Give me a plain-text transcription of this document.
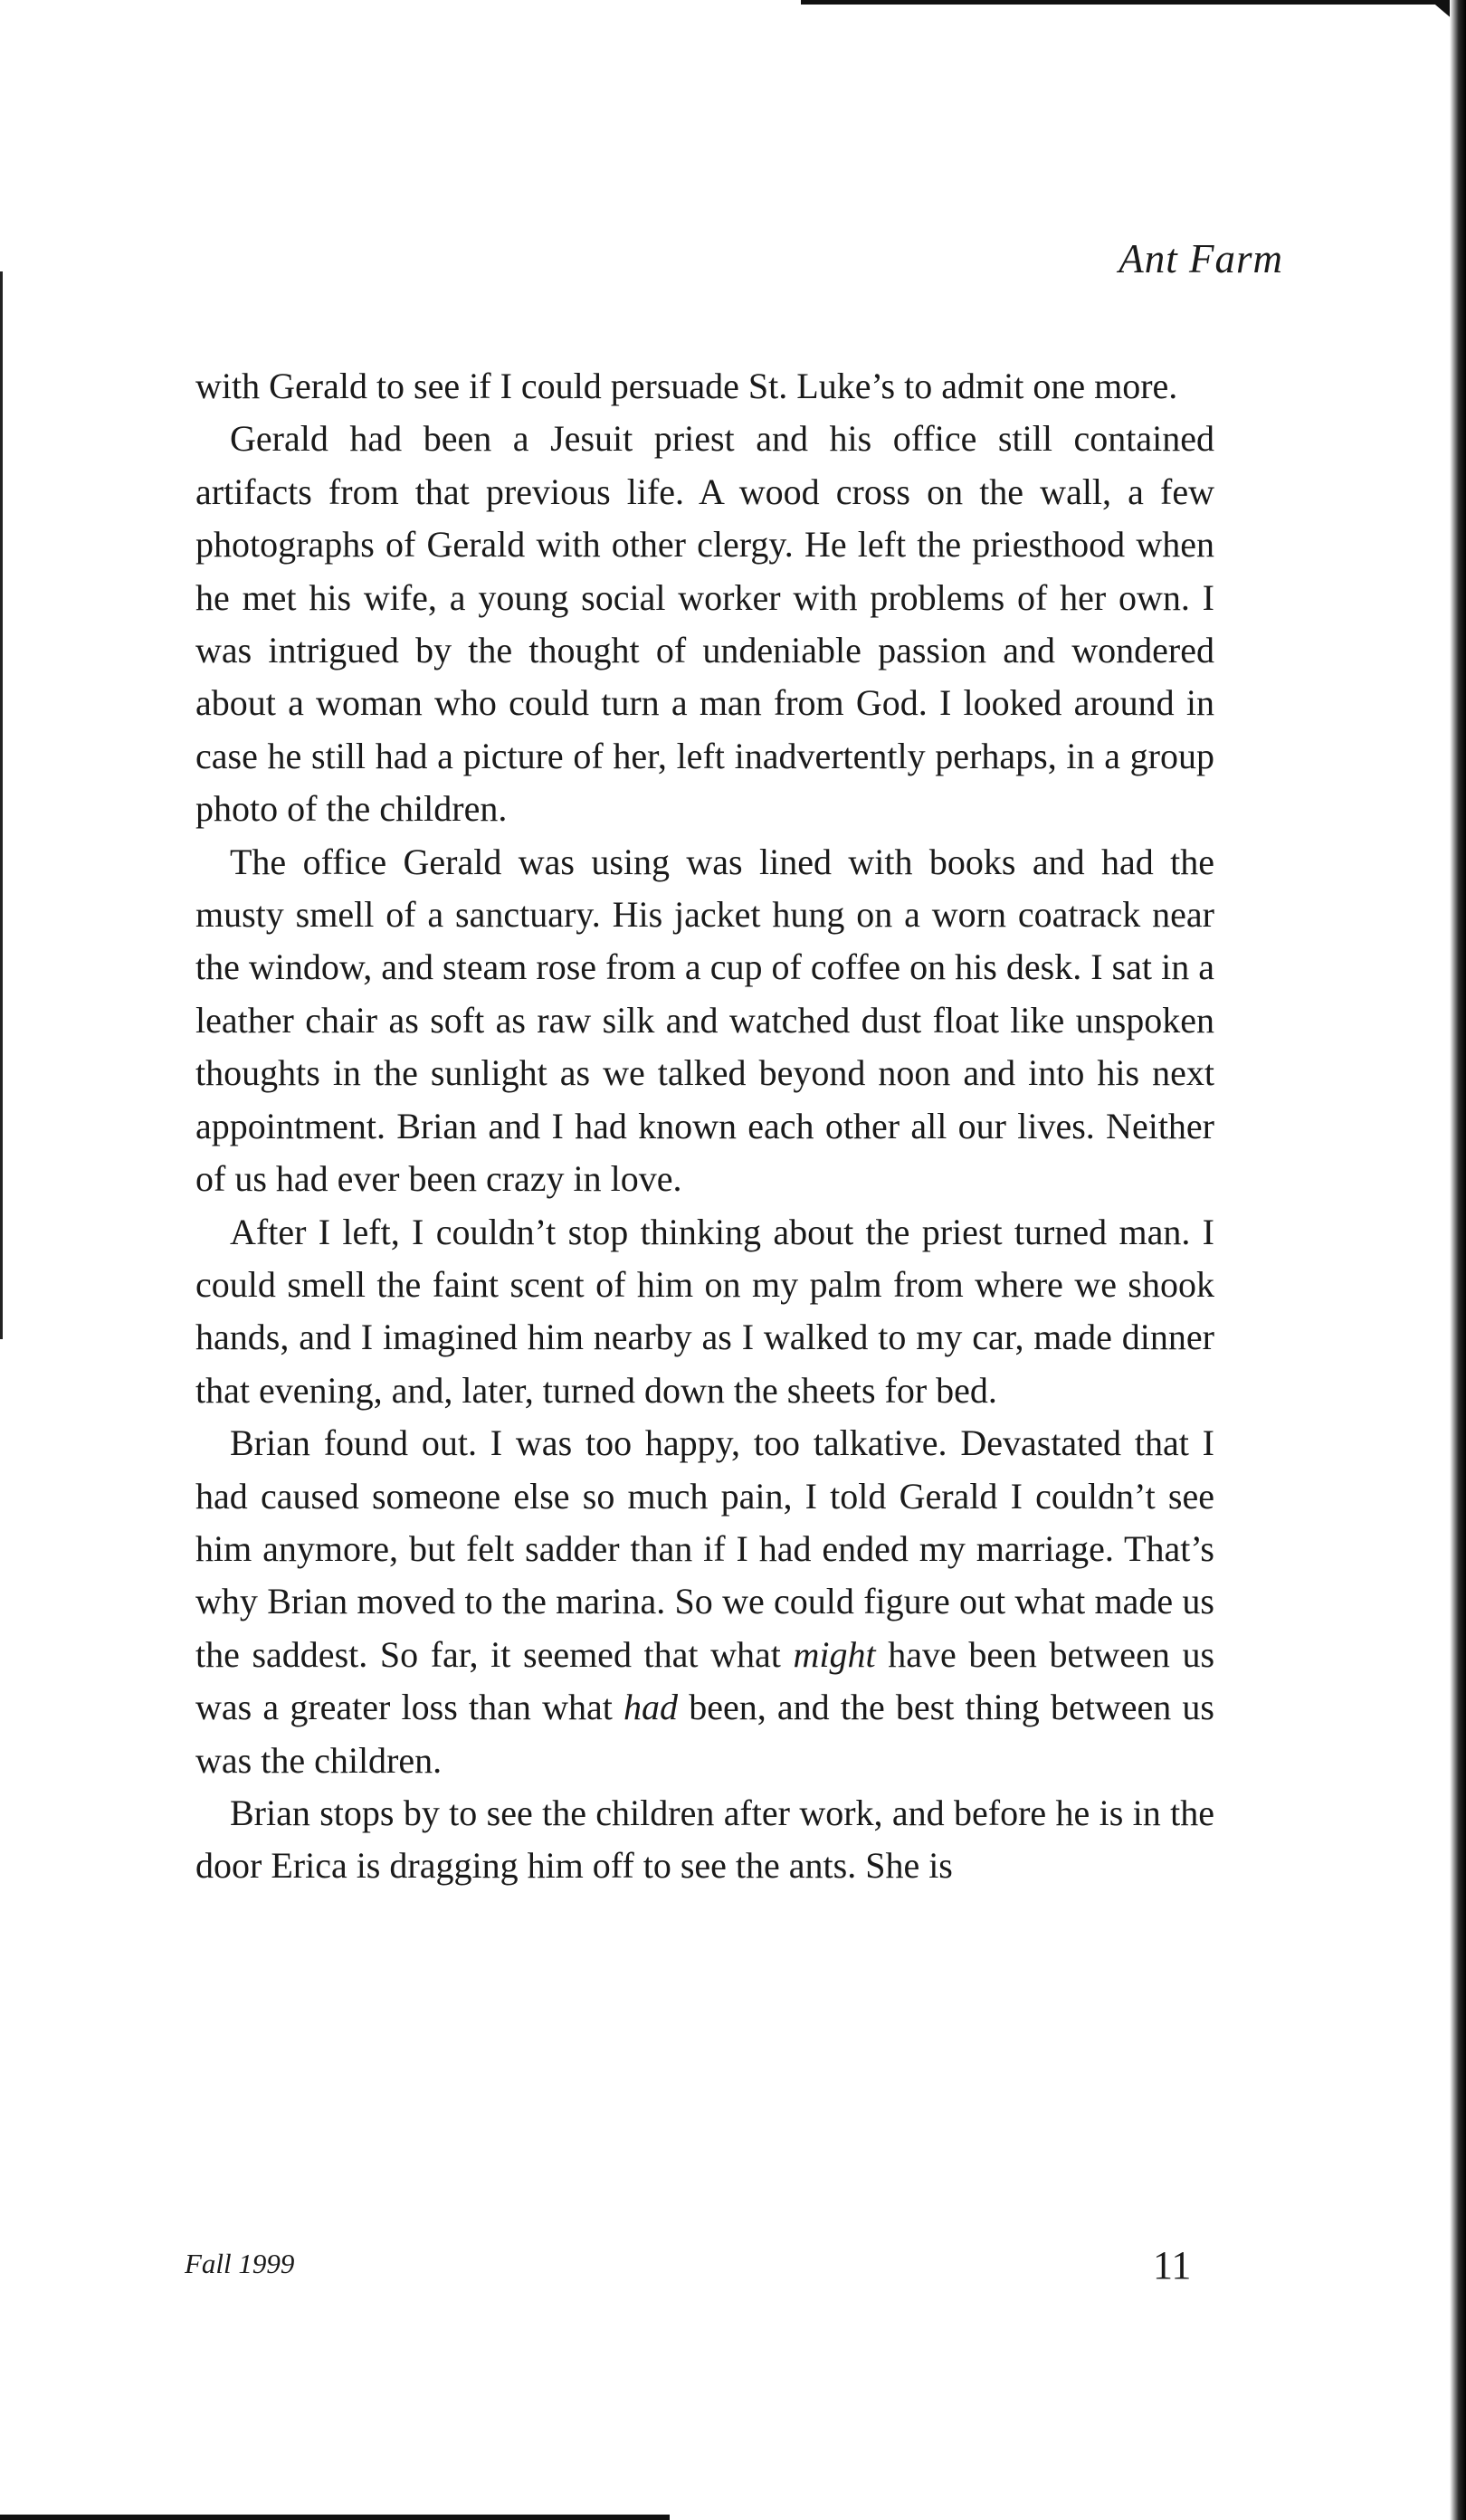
Ant Farm

with Gerald to see if I could persuade St. Luke’s to admit one more.

Gerald had been a Jesuit priest and his office still contained artifacts from that previous life. A wood cross on the wall, a few photographs of Gerald with other clergy. He left the priesthood when he met his wife, a young social worker with problems of her own. I was intrigued by the thought of undeniable passion and wondered about a woman who could turn a man from God. I looked around in case he still had a picture of her, left inadvertently perhaps, in a group photo of the children.

The office Gerald was using was lined with books and had the musty smell of a sanctuary. His jacket hung on a worn coatrack near the window, and steam rose from a cup of coffee on his desk. I sat in a leather chair as soft as raw silk and watched dust float like unspoken thoughts in the sunlight as we talked beyond noon and into his next appointment. Brian and I had known each other all our lives. Neither of us had ever been crazy in love.

After I left, I couldn’t stop thinking about the priest turned man. I could smell the faint scent of him on my palm from where we shook hands, and I imagined him nearby as I walked to my car, made dinner that evening, and, later, turned down the sheets for bed.

Brian found out. I was too happy, too talkative. Devastated that I had caused someone else so much pain, I told Gerald I couldn’t see him anymore, but felt sadder than if I had ended my marriage. That’s why Brian moved to the marina. So we could figure out what made us the saddest. So far, it seemed that what might have been between us was a greater loss than what had been, and the best thing between us was the children.

Brian stops by to see the children after work, and before he is in the door Erica is dragging him off to see the ants. She is

Fall 1999	11
